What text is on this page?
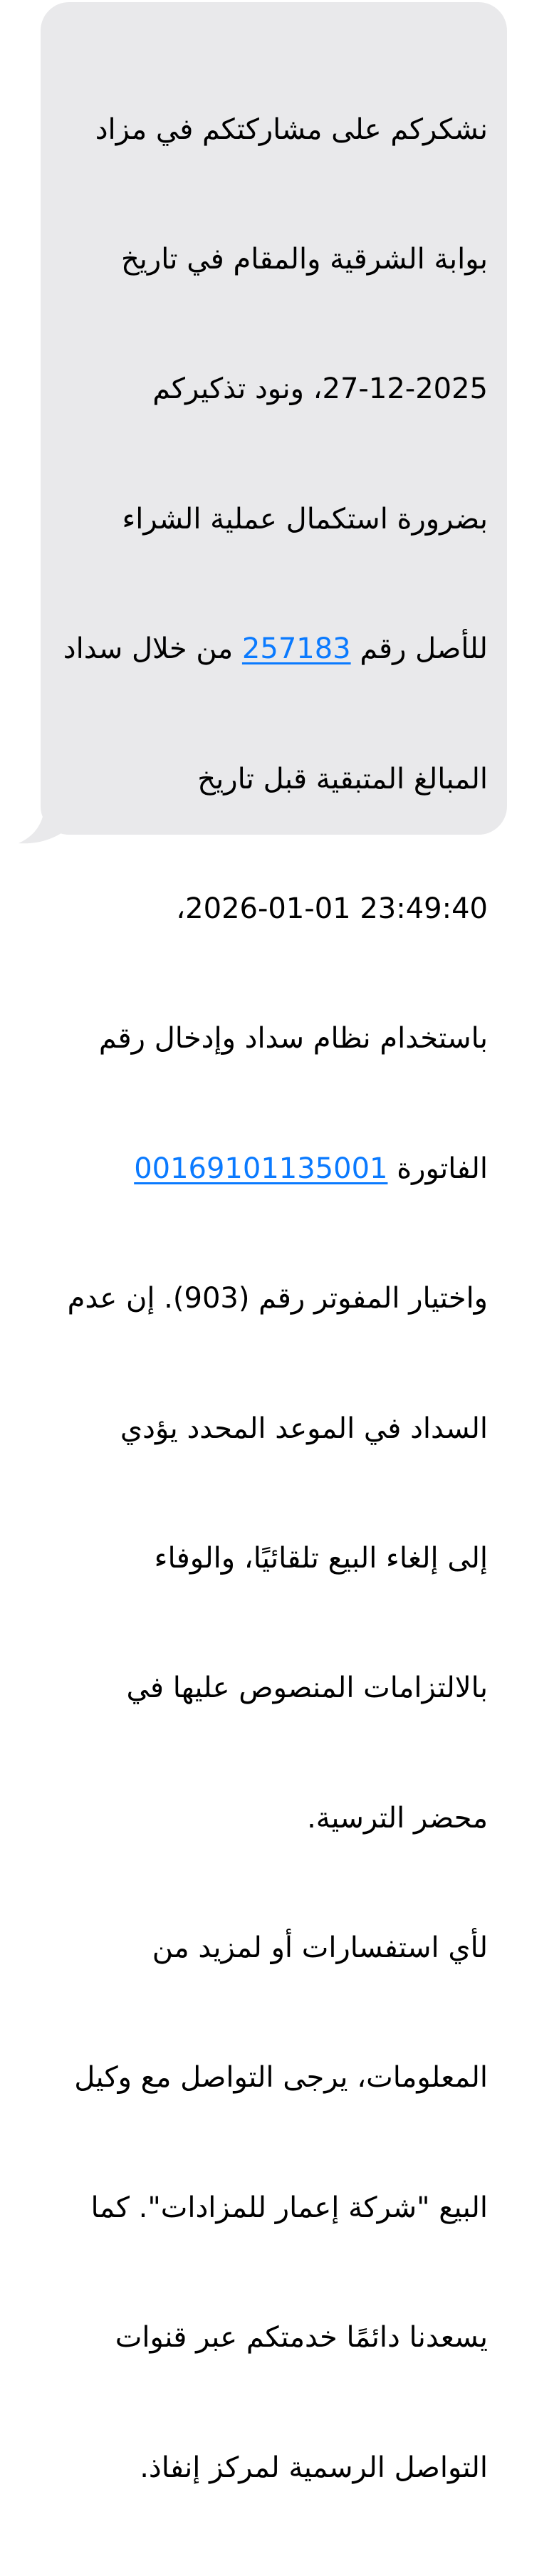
نشكركم على مشاركتكم في مزاد

بوابة الشرقية والمقام في تاريخ

27-12-2025، ونود تذكيركم

بضرورة استكمال عملية الشراء

للأصل رقم 257183 من خلال سداد

المبالغ المتبقية قبل تاريخ

2026-01-01 23:49:40،

باستخدام نظام سداد وإدخال رقم

الفاتورة 00169101135001

واختيار المفوتر رقم (903). إن عدم

السداد في الموعد المحدد يؤدي

إلى إلغاء البيع تلقائيًا، والوفاء

بالالتزامات المنصوص عليها في

محضر الترسية.

لأي استفسارات أو لمزيد من

المعلومات، يرجى التواصل مع وكيل

البيع "شركة إعمار للمزادات". كما

يسعدنا دائمًا خدمتكم عبر قنوات

التواصل الرسمية لمركز إنفاذ.
